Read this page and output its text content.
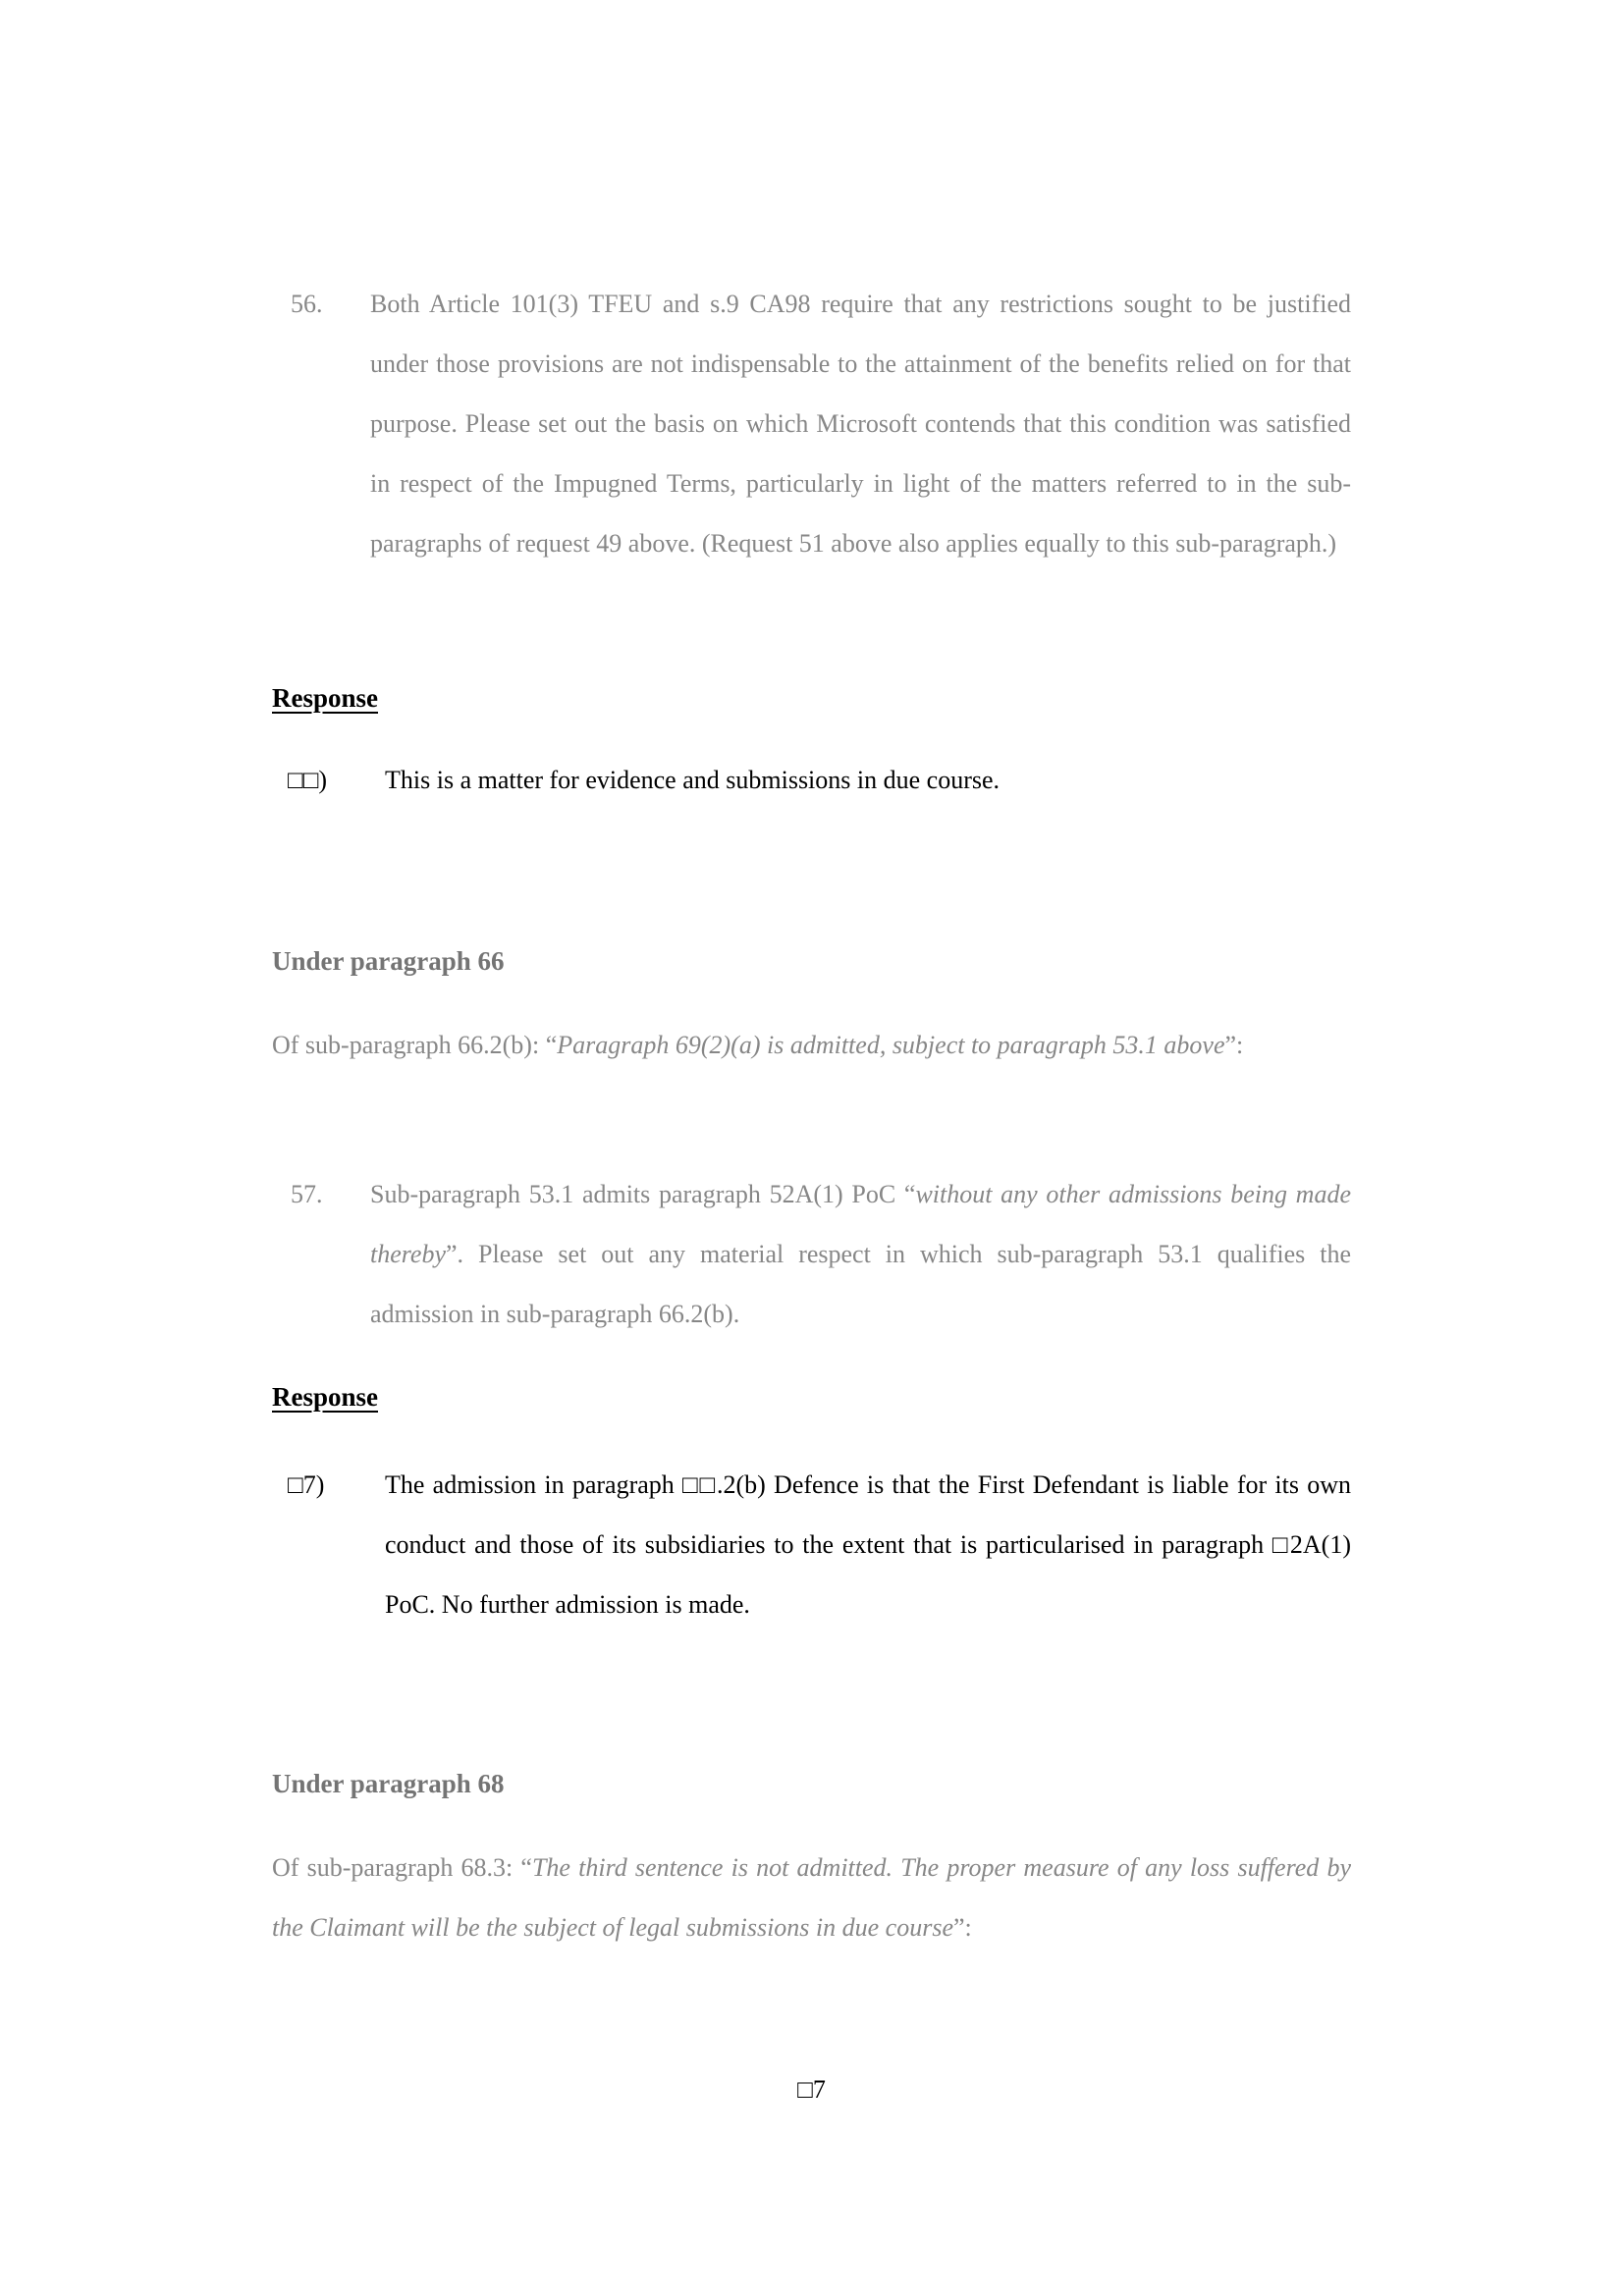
56. Both Article 101(3) TFEU and s.9 CA98 require that any restrictions sought to be justified under those provisions are not indispensable to the attainment of the benefits relied on for that purpose. Please set out the basis on which Microsoft contends that this condition was satisfied in respect of the Impugned Terms, particularly in light of the matters referred to in the sub-paragraphs of request 49 above. (Request 51 above also applies equally to this sub-paragraph.)
Response
□□) This is a matter for evidence and submissions in due course.
Under paragraph 66
Of sub-paragraph 66.2(b): “Paragraph 69(2)(a) is admitted, subject to paragraph 53.1 above”:
57. Sub-paragraph 53.1 admits paragraph 52A(1) PoC “without any other admissions being made thereby”. Please set out any material respect in which sub-paragraph 53.1 qualifies the admission in sub-paragraph 66.2(b).
Response
□7) The admission in paragraph □□.2(b) Defence is that the First Defendant is liable for its own conduct and those of its subsidiaries to the extent that is particularised in paragraph □2A(1) PoC. No further admission is made.
Under paragraph 68
Of sub-paragraph 68.3: “The third sentence is not admitted. The proper measure of any loss suffered by the Claimant will be the subject of legal submissions in due course”:
□7
